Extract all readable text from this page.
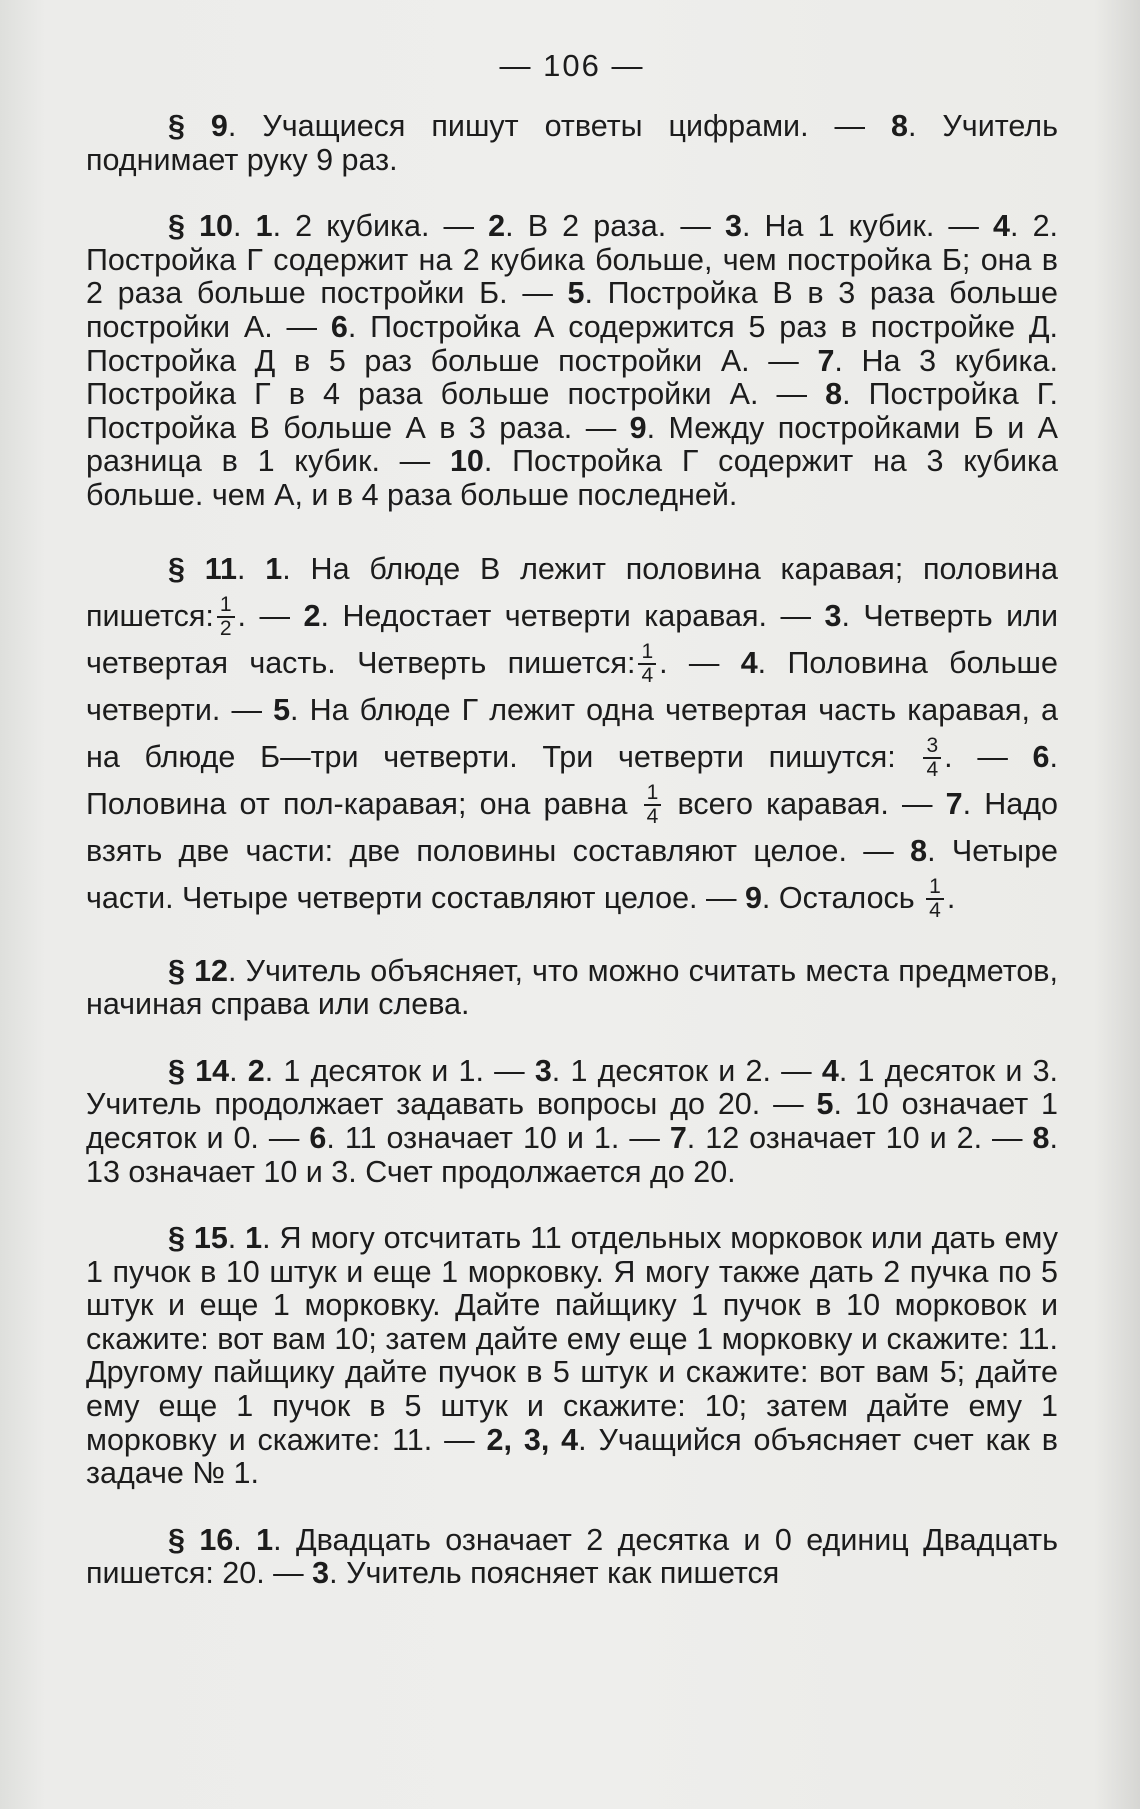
— 106 —

§ 9. Учащиеся пишут ответы цифрами. — 8. Учитель поднимает руку 9 раз.

§ 10. 1. 2 кубика. — 2. В 2 раза. — 3. На 1 кубик. — 4. 2. Постройка Г содержит на 2 кубика больше, чем постройка Б; она в 2 раза больше постройки Б. — 5. Постройка В в 3 раза больше постройки А. — 6. Постройка А содержится 5 раз в постройке Д. Постройка Д в 5 раз больше постройки А. — 7. На 3 кубика. Постройка Г в 4 раза больше постройки А. — 8. Постройка Г. Постройка В больше А в 3 раза. — 9. Между постройками Б и А разница в 1 кубик. — 10. Постройка Г содержит на 3 кубика больше. чем А, и в 4 раза больше последней.

§ 11. 1. На блюде В лежит половина каравая; половина пишется: $\frac{1}{2}$ . — 2. Недостает четверти каравая. — 3. Четверть или четвертая часть. Четверть пишется: $\frac{1}{4}$ . — 4. Половина больше четверти. — 5. На блюде Г лежит одна четвертая часть каравая, а на блюде Б—три четверти. Три четверти пишутся: $\frac{3}{4}$ . — 6. Половина от пол-каравая; она равна $\frac{1}{4}$ всего каравая. — 7. Надо взять две части: две половины составляют целое. — 8. Четыре части. Четыре четверти составляют целое. — 9. Осталось $\frac{1}{4}$ .

§ 12. Учитель объясняет, что можно считать места предметов, начиная справа или слева.

§ 14. 2. 1 десяток и 1. — 3. 1 десяток и 2. — 4. 1 десяток и 3. Учитель продолжает задавать вопросы до 20. — 5. 10 означает 1 десяток и 0. — 6. 11 означает 10 и 1. — 7. 12 означает 10 и 2. — 8. 13 означает 10 и 3. Счет продолжается до 20.

§ 15. 1. Я могу отсчитать 11 отдельных морковок или дать ему 1 пучок в 10 штук и еще 1 морковку. Я могу также дать 2 пучка по 5 штук и еще 1 морковку. Дайте пайщику 1 пучок в 10 морковок и скажите: вот вам 10; затем дайте ему еще 1 морковку и скажите: 11. Другому пайщику дайте пучок в 5 штук и скажите: вот вам 5; дайте ему еще 1 пучок в 5 штук и скажите: 10; затем дайте ему 1 морковку и скажите: 11. — 2, 3, 4. Учащийся объясняет счет как в задаче № 1.

§ 16. 1. Двадцать означает 2 десятка и 0 единиц Двадцать пишется: 20. — 3. Учитель поясняет как пишется
